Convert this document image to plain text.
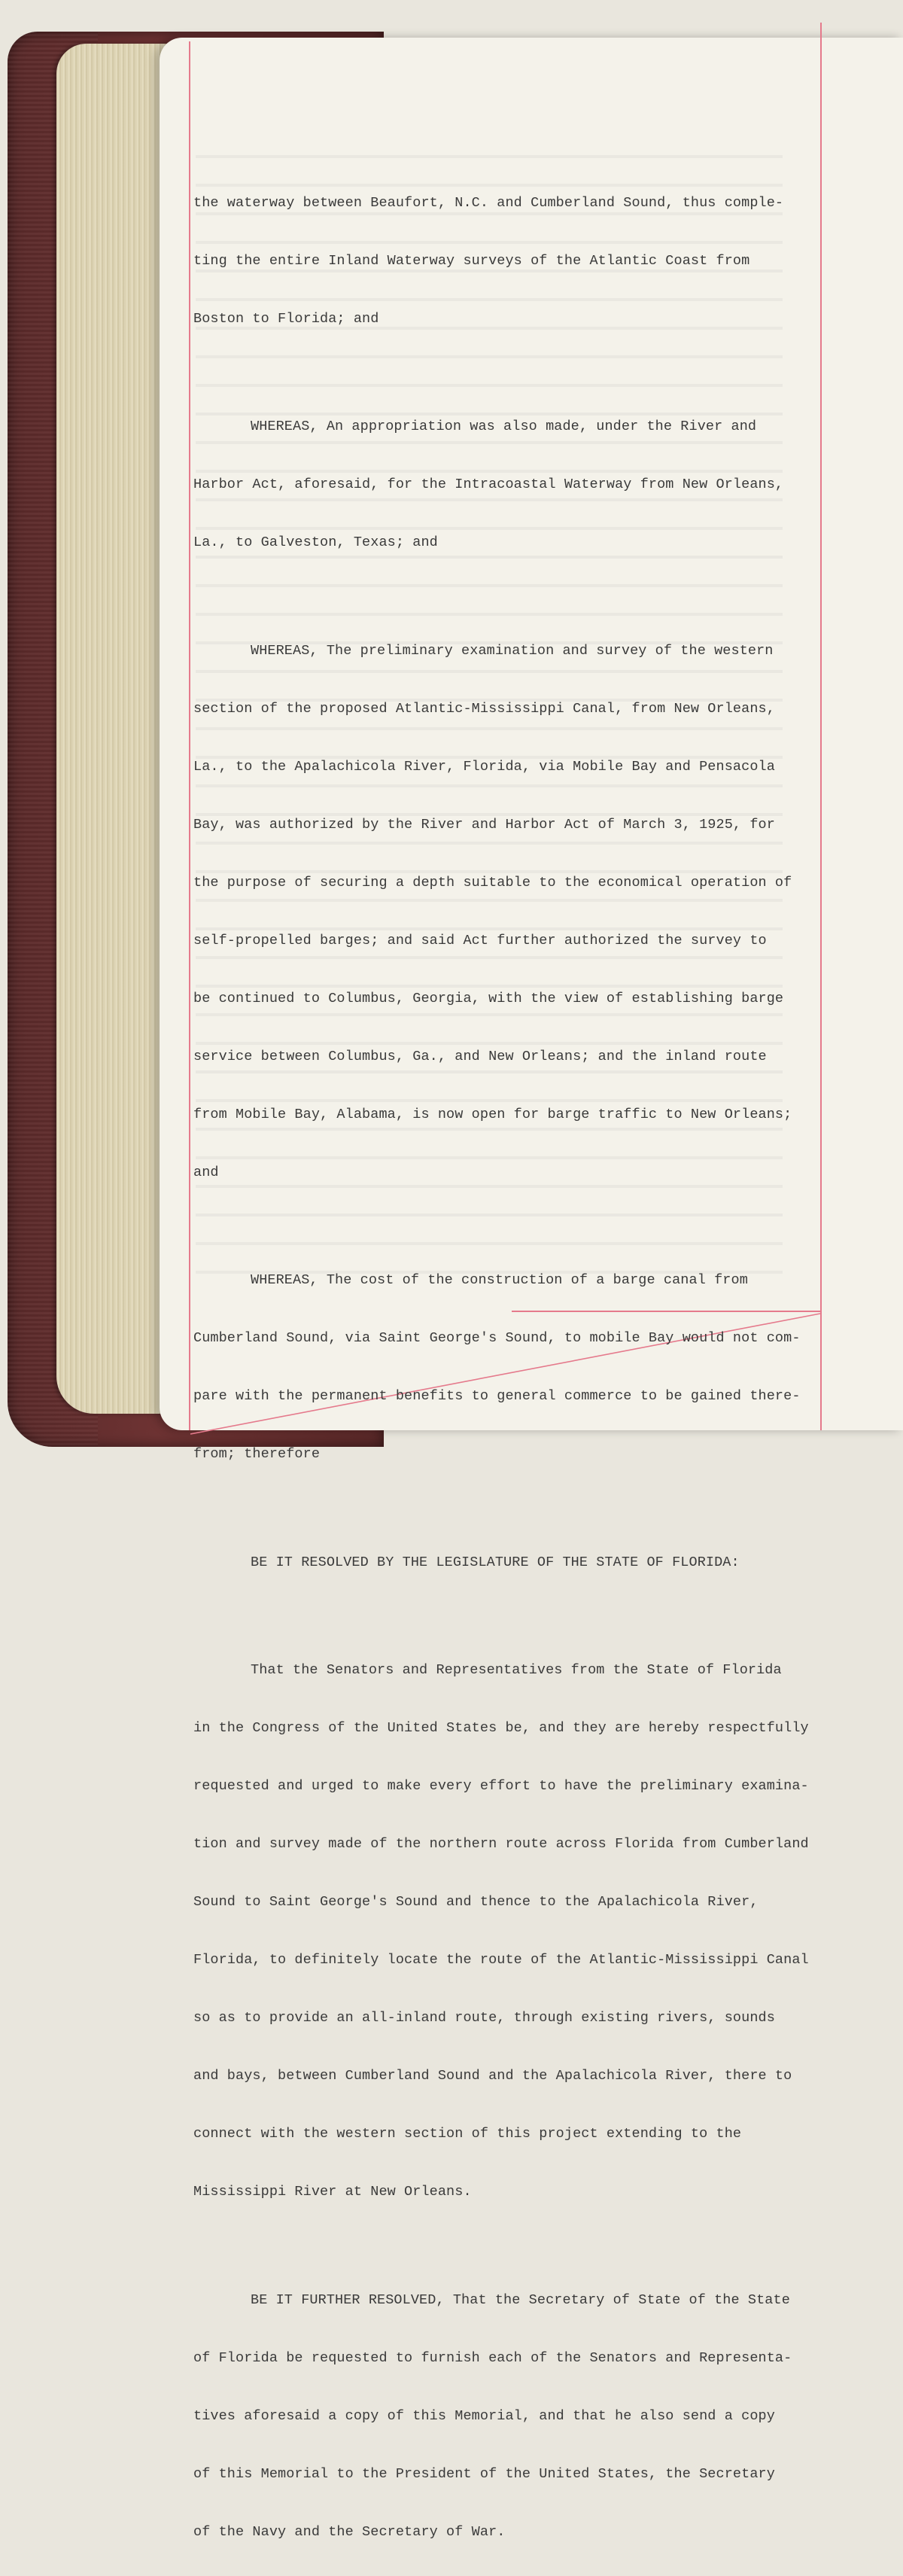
the waterway between Beaufort, N.C. and Cumberland Sound, thus comple-

ting the entire Inland Waterway surveys of the Atlantic Coast from

Boston to Florida; and

WHEREAS, An appropriation was also made, under the River and

Harbor Act, aforesaid, for the Intracoastal Waterway from New Orleans,

La., to Galveston, Texas; and

WHEREAS, The preliminary examination and survey of the western

section of the proposed Atlantic-Mississippi Canal, from New Orleans,

La., to the Apalachicola River, Florida, via Mobile Bay and Pensacola

Bay, was authorized by the River and Harbor Act of March 3, 1925, for

the purpose of securing a depth suitable to the economical operation of

self-propelled barges; and said Act further authorized the survey to

be continued to Columbus, Georgia, with the view of establishing barge

service between Columbus, Ga., and New Orleans; and the inland route

from Mobile Bay, Alabama, is now open for barge traffic to New Orleans;

and

WHEREAS, The cost of the construction of a barge canal from

Cumberland Sound, via Saint George's Sound, to mobile Bay would not com-

pare with the permanent benefits to general commerce to be gained there-

from; therefore

BE IT RESOLVED BY THE LEGISLATURE OF THE STATE OF FLORIDA:

That the Senators and Representatives from the State of Florida

in the Congress of the United States be, and they are hereby respectfully

requested and urged to make every effort to have the preliminary examina-

tion and survey made of the northern route across Florida from Cumberland

Sound to Saint George's Sound and thence to the Apalachicola River,

Florida, to definitely locate the route of the Atlantic-Mississippi Canal

so as to provide an all-inland route, through existing rivers, sounds

and bays, between Cumberland Sound and the Apalachicola River, there to

connect with the western section of this project extending to the

Mississippi River at New Orleans.

BE IT FURTHER RESOLVED, That the Secretary of State of the State

of Florida be requested to furnish each of the Senators and Representa-

tives aforesaid a copy of this Memorial, and that he also send a copy

of this Memorial to the President of the United States, the Secretary

of the Navy and the Secretary of War.
